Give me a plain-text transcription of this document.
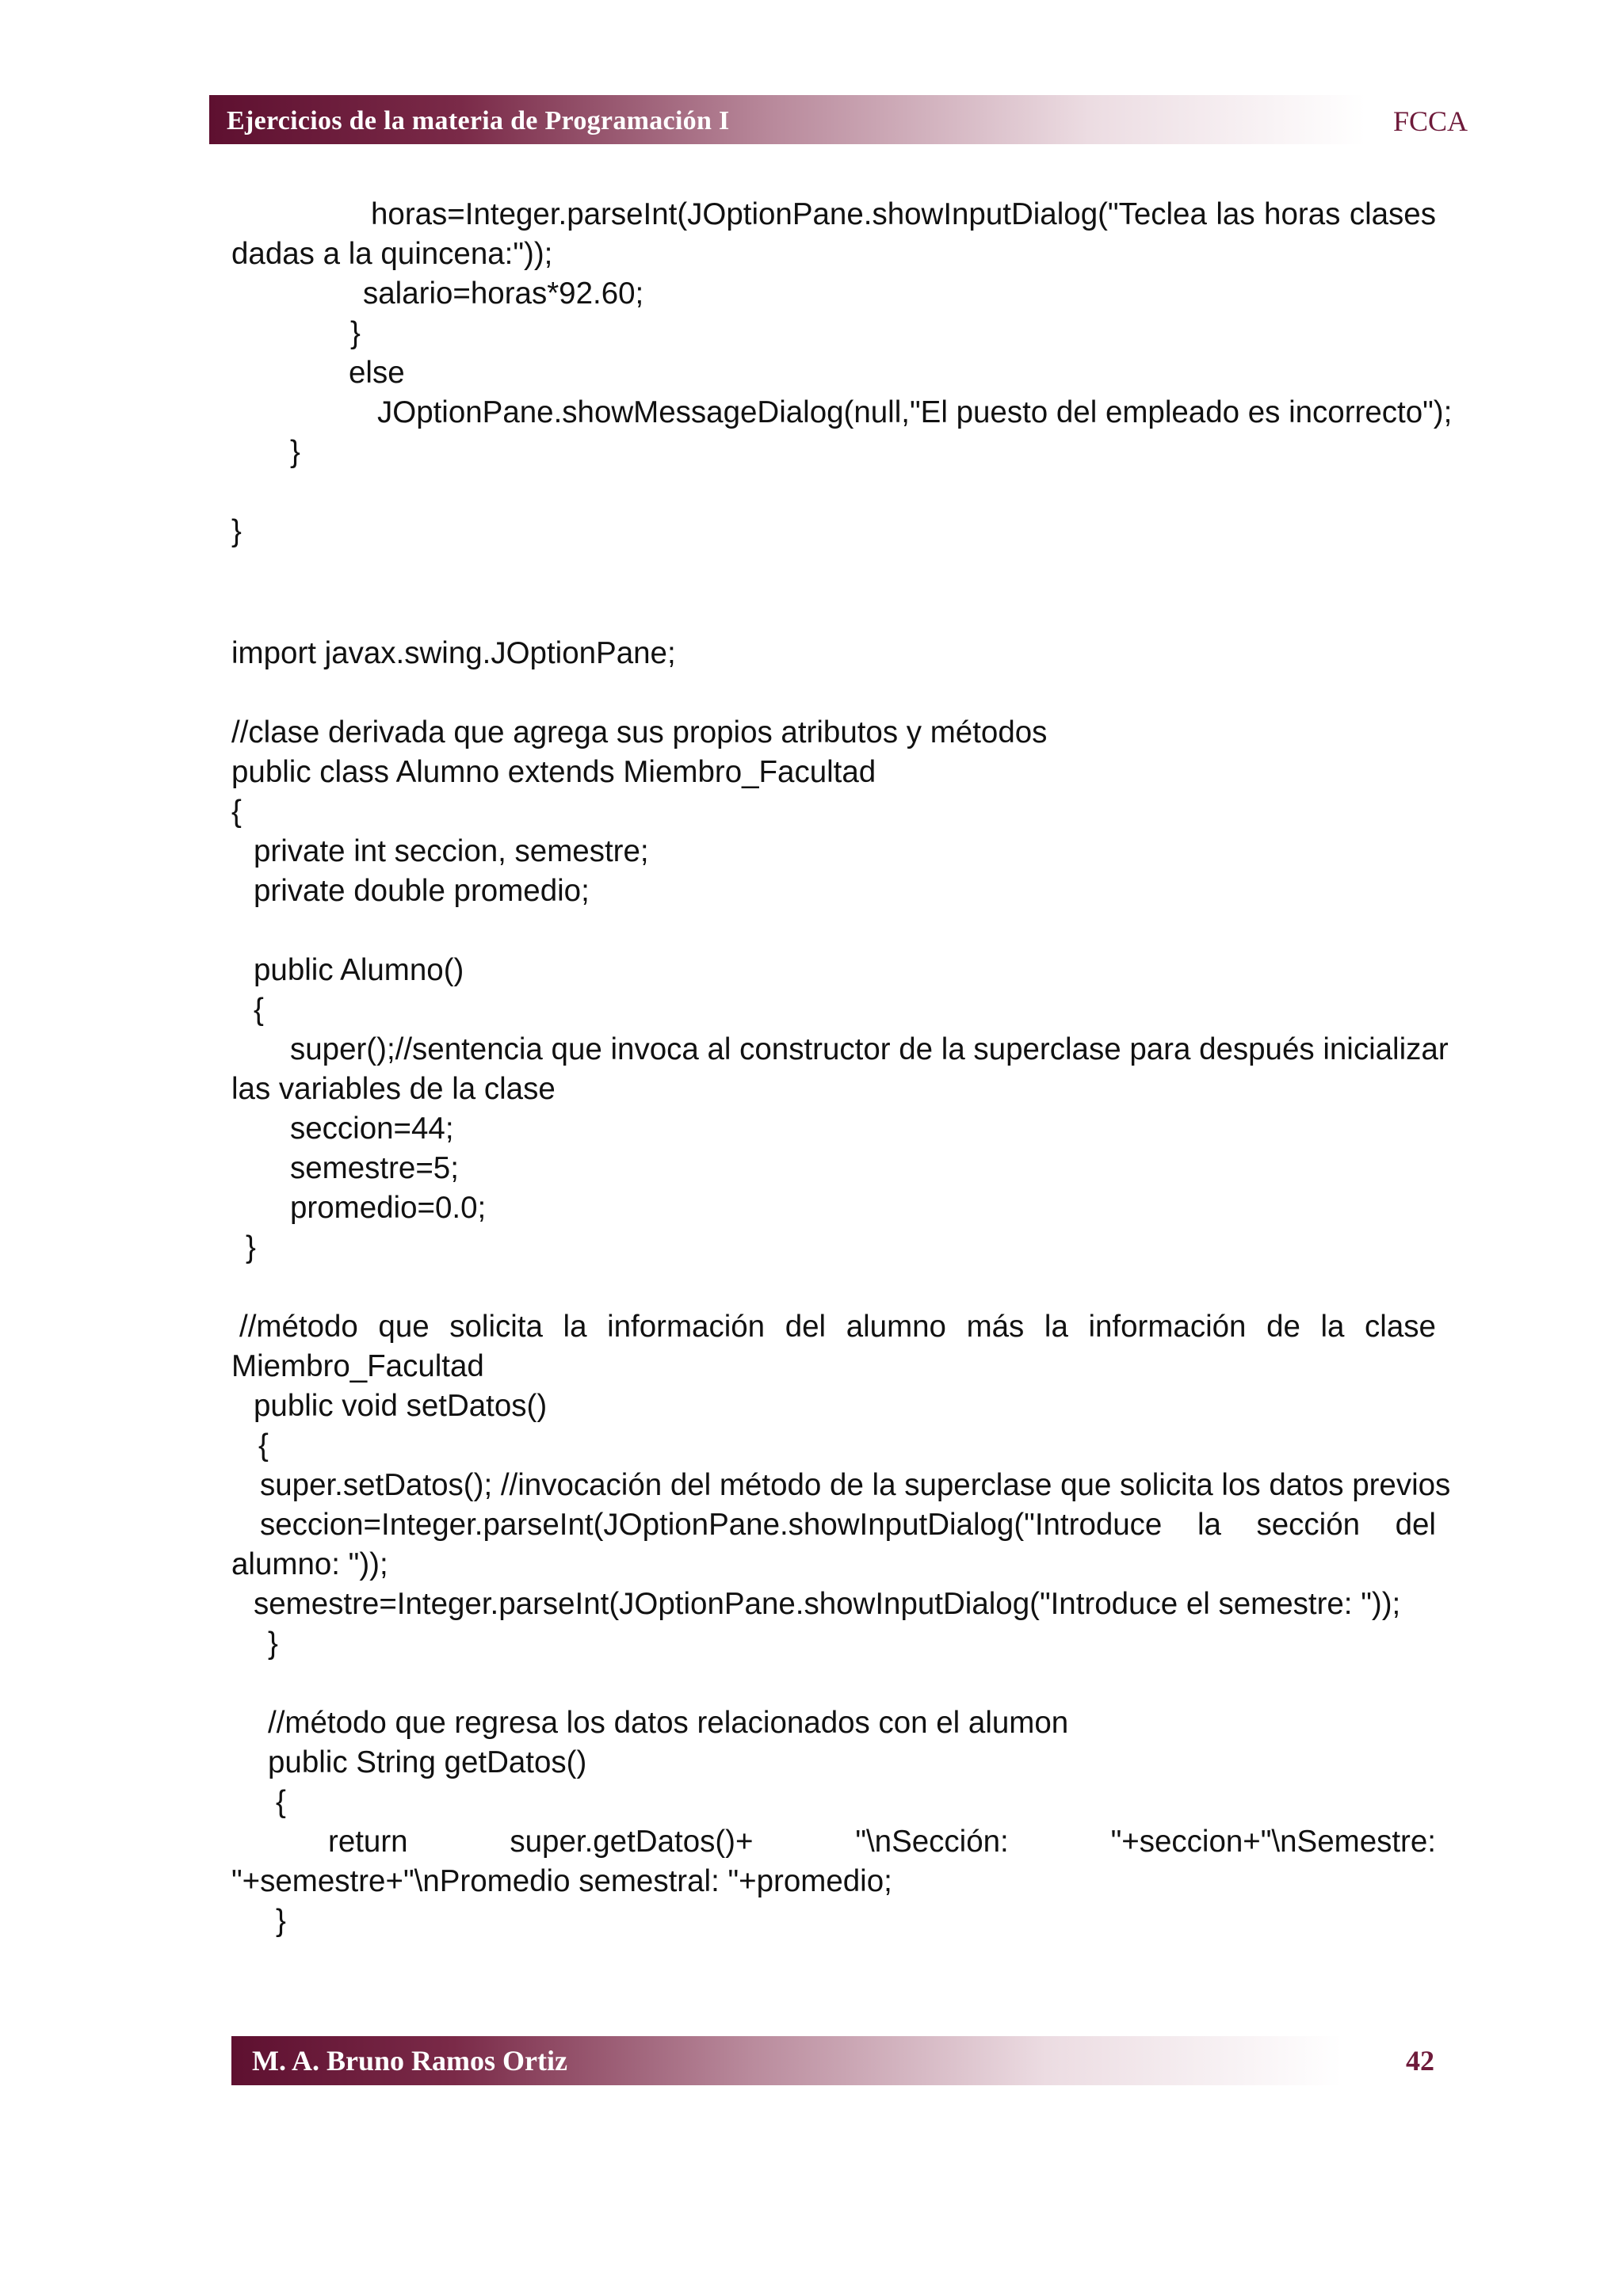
Ejercicios de la materia de Programación I	FCCA
horas=Integer.parseInt(JOptionPane.showInputDialog("Teclea las horas clases
dadas a la quincena:"));
salario=horas*92.60;
}
else
JOptionPane.showMessageDialog(null,"El puesto del empleado es incorrecto");
}
}
import javax.swing.JOptionPane;
//clase derivada que agrega sus propios atributos y métodos
public class Alumno extends Miembro_Facultad
{
private int seccion, semestre;
private double promedio;
public Alumno()
{
super();//sentencia que invoca al constructor de la superclase para después inicializar
las variables de la clase
seccion=44;
semestre=5;
promedio=0.0;
}
//método que solicita la información del alumno más la información de la clase
Miembro_Facultad
public void setDatos()
{
super.setDatos(); //invocación del método de la superclase que solicita los datos previos
seccion=Integer.parseInt(JOptionPane.showInputDialog("Introduce la sección del
alumno: "));
semestre=Integer.parseInt(JOptionPane.showInputDialog("Introduce el semestre: "));
}
//método que regresa los datos relacionados con el alumon
public String getDatos()
{
return	super.getDatos()+	"\nSección:	"+seccion+"\nSemestre:
"+semestre+"\nPromedio semestral: "+promedio;
}
M. A. Bruno Ramos Ortiz	42
